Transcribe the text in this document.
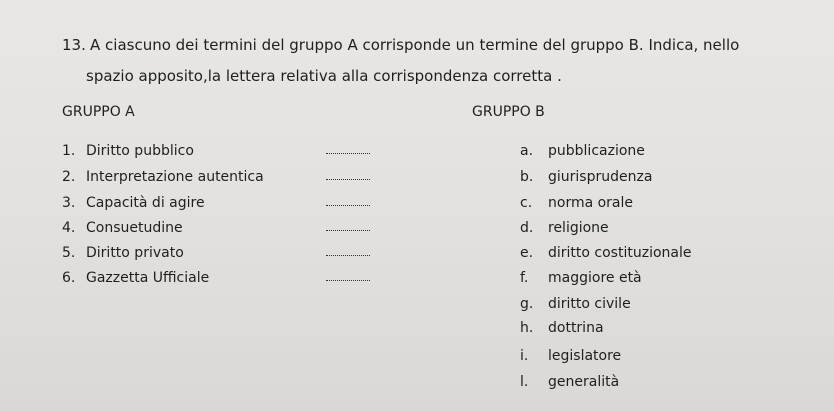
13. A ciascuno dei termini del gruppo A corrisponde un termine del gruppo B. Indica, nello
spazio apposito,la lettera relativa alla corrispondenza corretta .
GRUPPO A	GRUPPO B
1. Diritto pubblico	a. pubblicazione
2. Interpretazione autentica	b. giurisprudenza
3. Capacità di agire	c. norma orale
4. Consuetudine	d. religione
5. Diritto privato	e. diritto costituzionale
6. Gazzetta Ufficiale	f. maggiore età
g. diritto civile
h. dottrina
i. legislatore
l. generalità
